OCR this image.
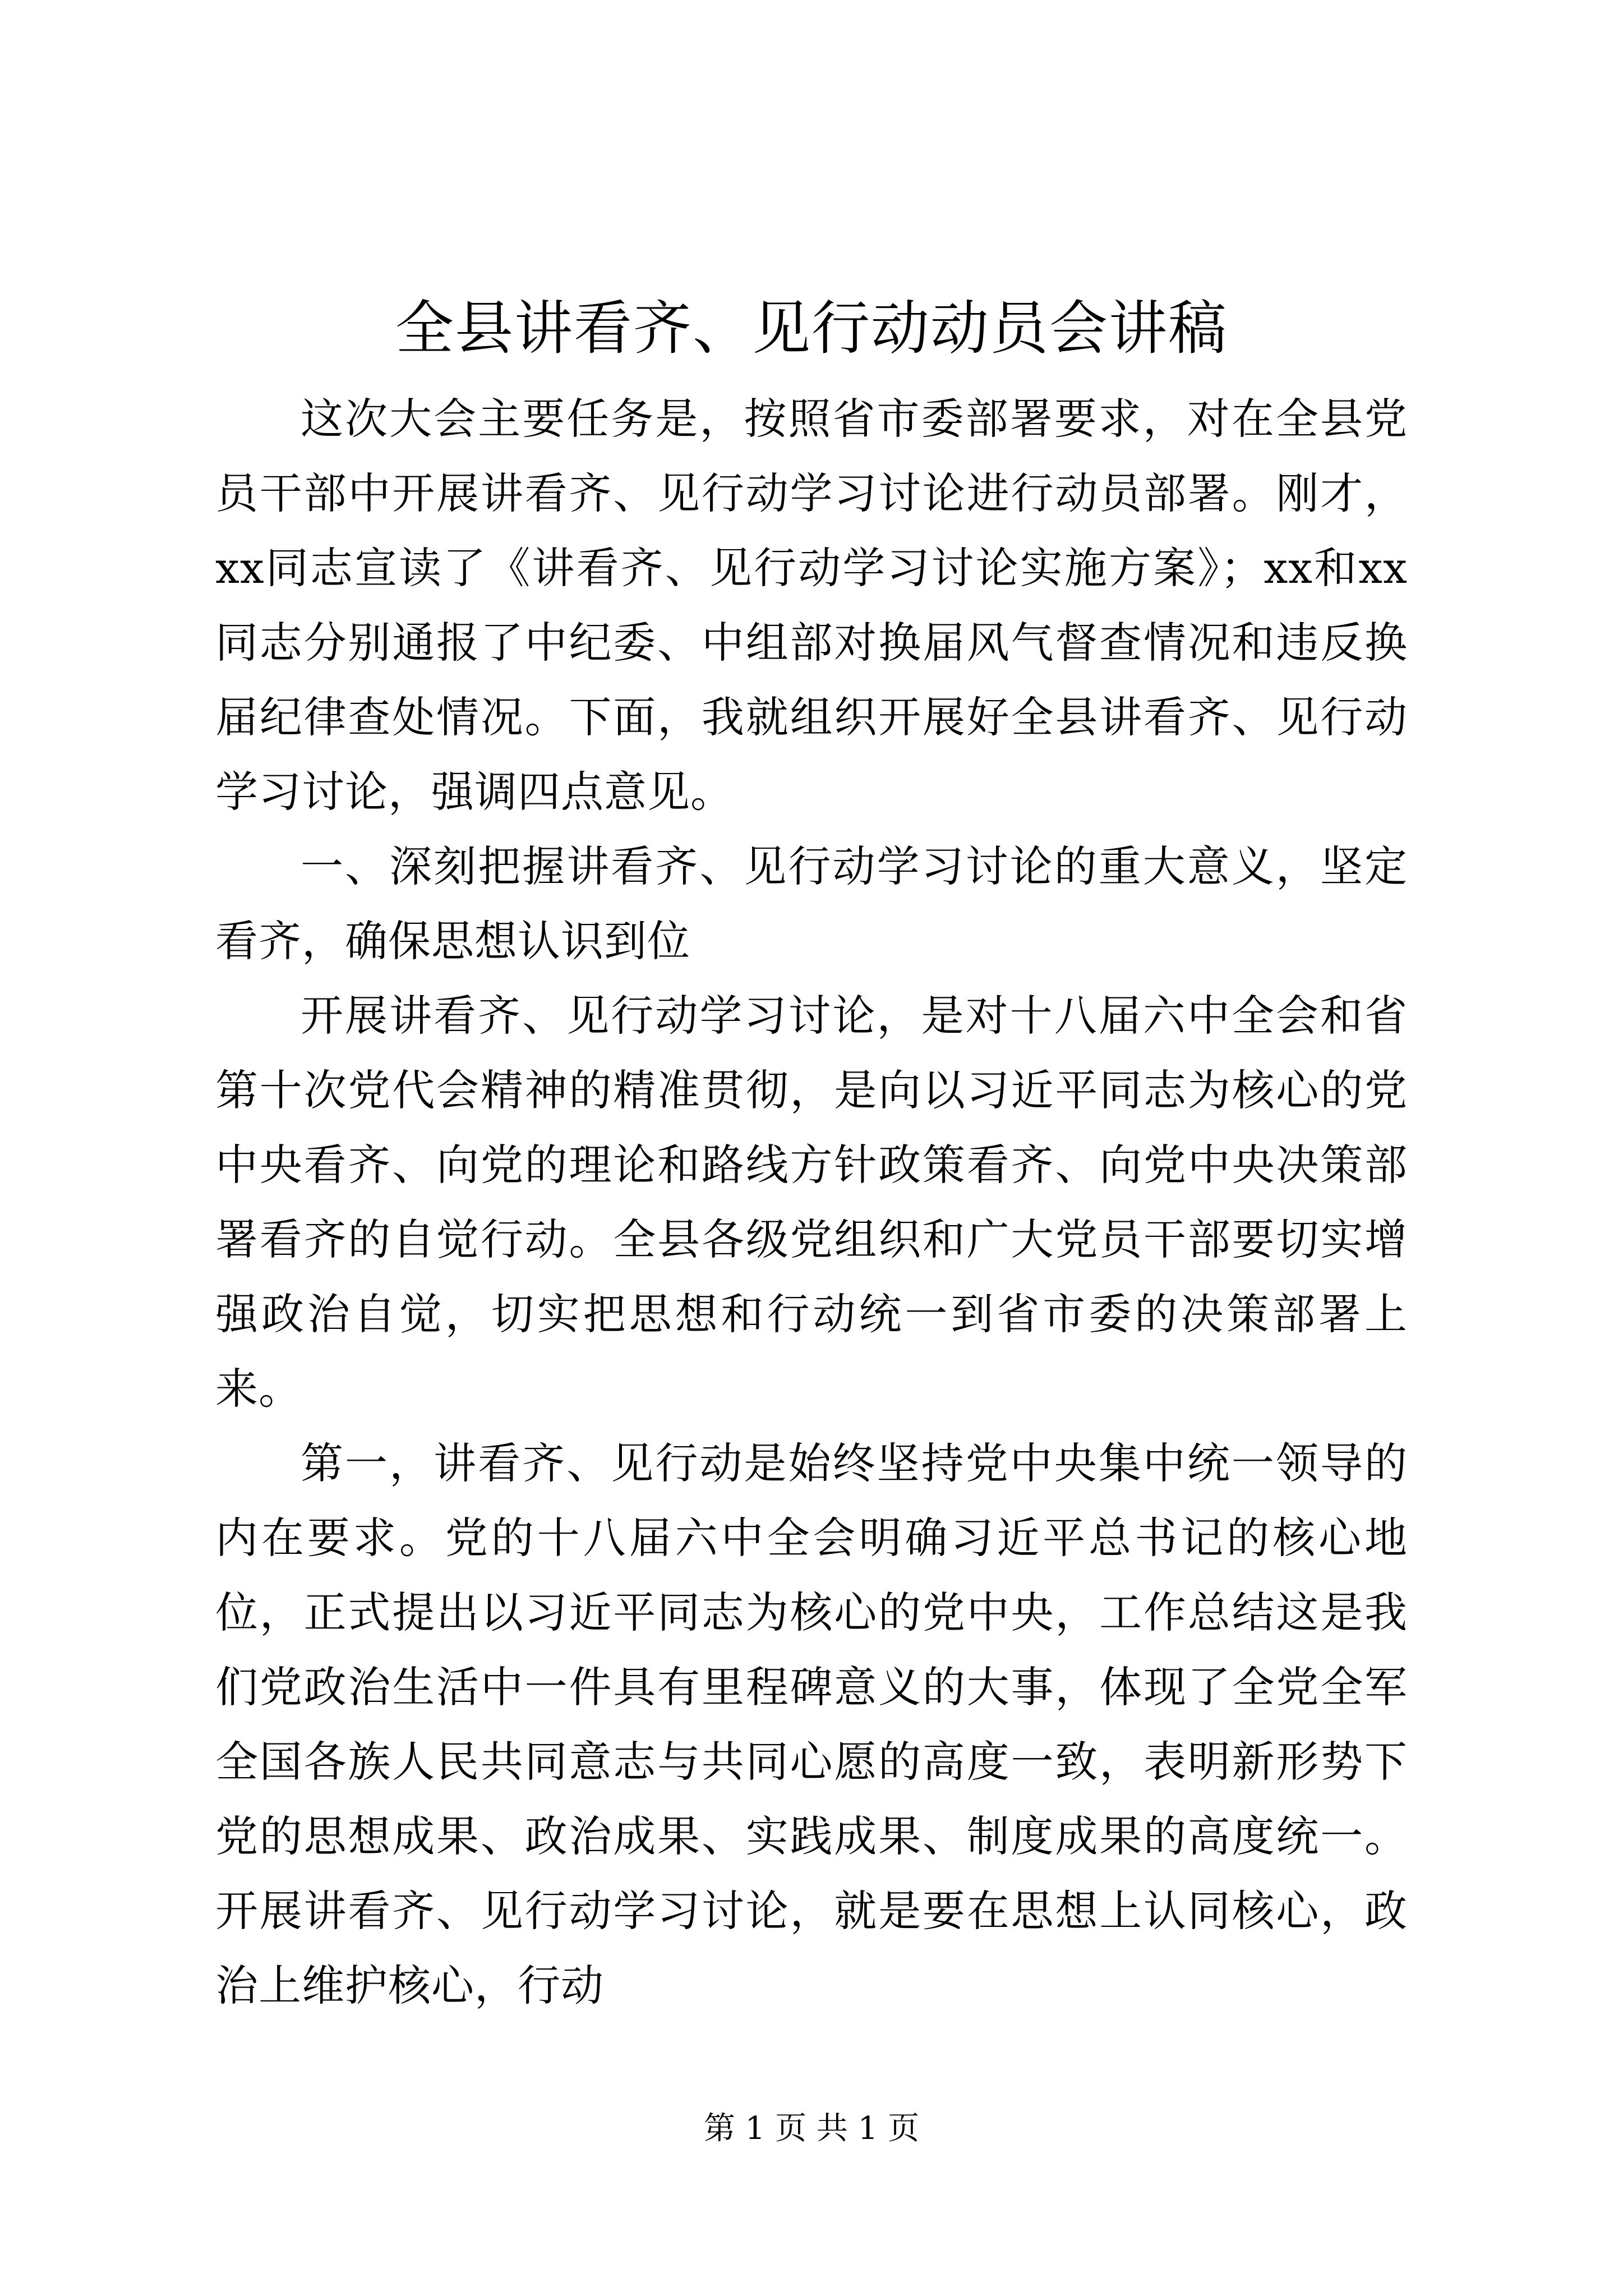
全县讲看齐、见行动动员会讲稿

这次大会主要任务是，按照省市委部署要求，对在全县党员干部中开展讲看齐、见行动学习讨论进行动员部署。刚才，xx同志宣读了《讲看齐、见行动学习讨论实施方案》；xx和xx同志分别通报了中纪委、中组部对换届风气督查情况和违反换届纪律查处情况。下面，我就组织开展好全县讲看齐、见行动学习讨论，强调四点意见。

一、深刻把握讲看齐、见行动学习讨论的重大意义，坚定看齐，确保思想认识到位

开展讲看齐、见行动学习讨论，是对十八届六中全会和省第十次党代会精神的精准贯彻，是向以习近平同志为核心的党中央看齐、向党的理论和路线方针政策看齐、向党中央决策部署看齐的自觉行动。全县各级党组织和广大党员干部要切实增强政治自觉，切实把思想和行动统一到省市委的决策部署上来。

第一，讲看齐、见行动是始终坚持党中央集中统一领导的内在要求。党的十八届六中全会明确习近平总书记的核心地位，正式提出以习近平同志为核心的党中央，工作总结这是我们党政治生活中一件具有里程碑意义的大事，体现了全党全军全国各族人民共同意志与共同心愿的高度一致，表明新形势下党的思想成果、政治成果、实践成果、制度成果的高度统一。开展讲看齐、见行动学习讨论，就是要在思想上认同核心，政治上维护核心，行动

第 1 页 共 1 页
